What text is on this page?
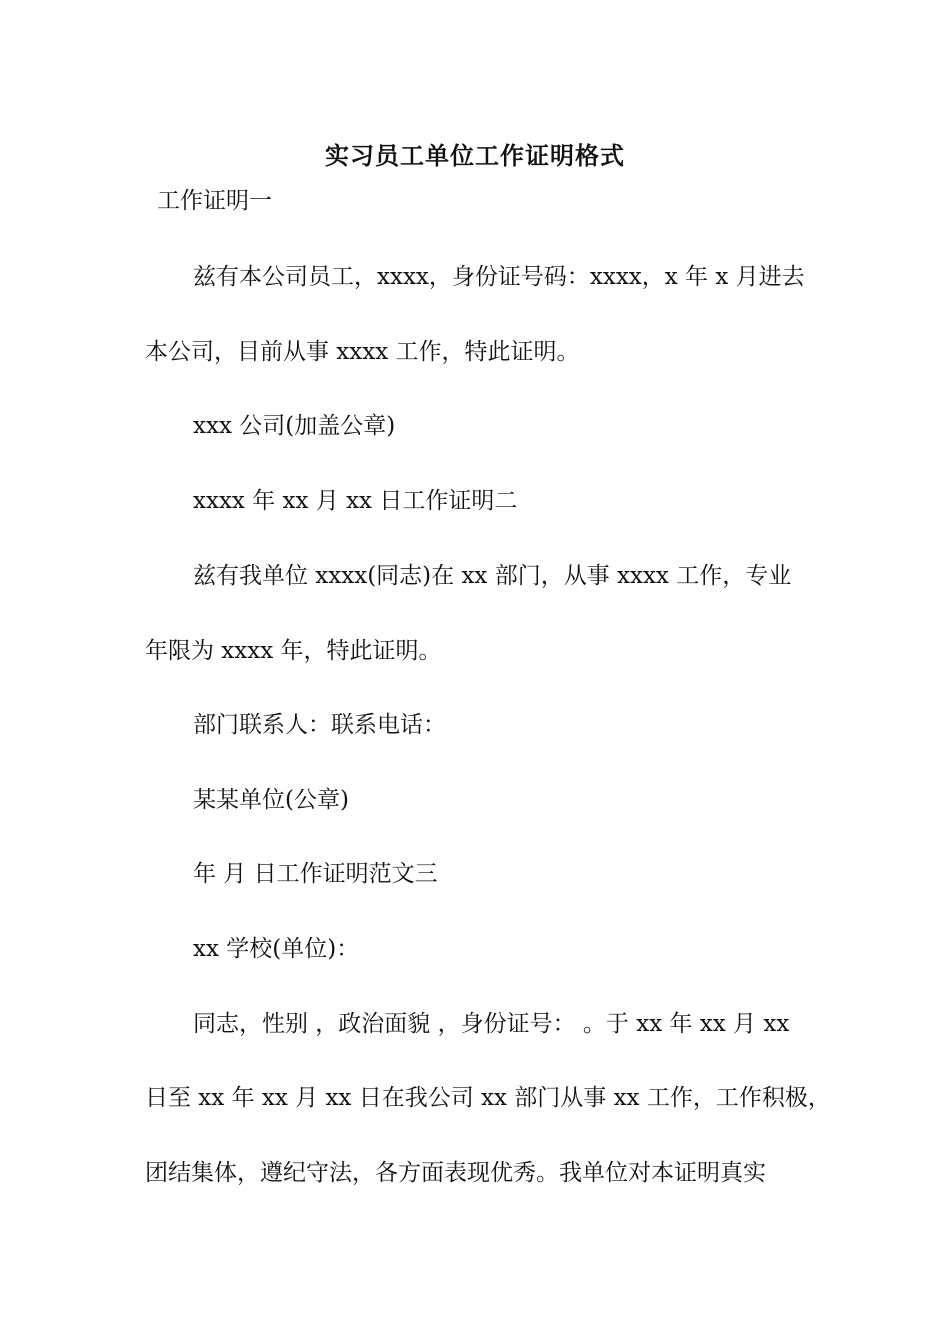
实习员工单位工作证明格式
工作证明一
兹有本公司员工，xxxx，身份证号码：xxxx，x 年 x 月进去
本公司，目前从事 xxxx 工作，特此证明。
xxx 公司(加盖公章)
xxxx 年 xx 月 xx 日工作证明二
兹有我单位 xxxx(同志)在 xx 部门，从事 xxxx 工作，专业
年限为 xxxx 年，特此证明。
部门联系人：联系电话：
某某单位(公章)
年 月 日工作证明范文三
xx 学校(单位)：
同志，性别 ，政治面貌 ，身份证号： 。于 xx 年 xx 月 xx
日至 xx 年 xx 月 xx 日在我公司 xx 部门从事 xx 工作，工作积极，
团结集体，遵纪守法，各方面表现优秀。我单位对本证明真实
